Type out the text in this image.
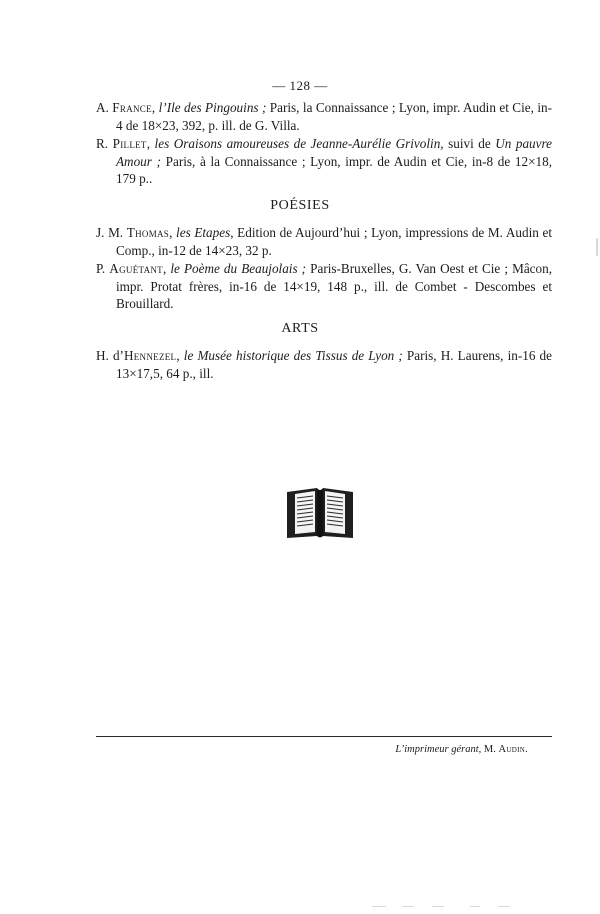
— 128 —

A. France, l’Ile des Pingouins ; Paris, la Connaissance ; Lyon, impr. Audin et Cie, in-4 de 18×23, 392, p. ill. de G. Villa.

R. Pillet, les Oraisons amoureuses de Jeanne-Aurélie Grivolin, suivi de Un pauvre Amour ; Paris, à la Connaissance ; Lyon, impr. de Audin et Cie, in-8 de 12×18, 179 p..

POÉSIES

J. M. Thomas, les Etapes, Edition de Aujourd’hui ; Lyon, impressions de M. Audin et Comp., in-12 de 14×23, 32 p.

P. Aguétant, le Poème du Beaujolais ; Paris-Bruxelles, G. Van Oest et Cie ; Mâcon, impr. Protat frères, in-16 de 14×19, 148 p., ill. de Combet - Descombes et Brouillard.

ARTS

H. d’Hennezel, le Musée historique des Tissus de Lyon ; Paris, H. Laurens, in-16 de 13×17,5, 64 p., ill.

L’imprimeur gérant, M. Audin.
